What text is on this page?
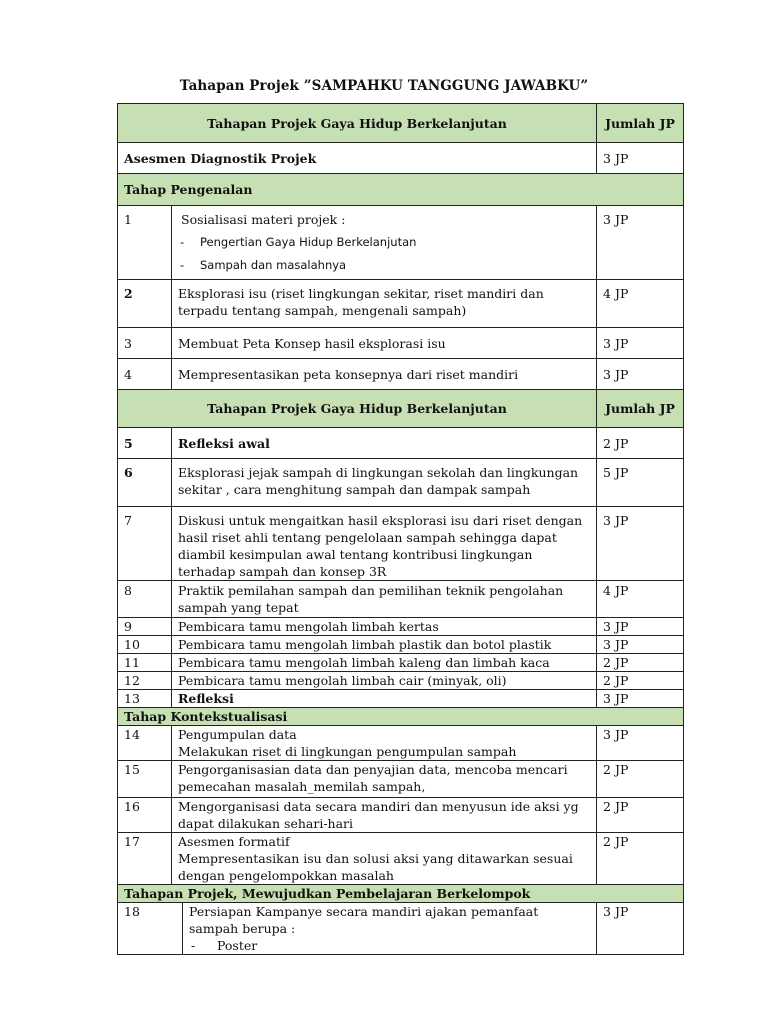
Tahapan Projek ”SAMPAHKU TANGGUNG JAWABKU”
Tahapan Projek Gaya Hidup Berkelanjutan			Jumlah JP
Asesmen Diagnostik Projek			3 JP
Tahap Pengenalan			
1	Sosialisasi materi projek :
- Pengertian Gaya Hidup Berkelanjutan
- Sampah dan masalahnya		3 JP
2	Eksplorasi isu (riset lingkungan sekitar, riset mandiri dan terpadu tentang sampah, mengenali sampah)		4 JP
3	Membuat Peta Konsep hasil eksplorasi isu		3 JP
4	Mempresentasikan peta konsepnya dari riset mandiri		3 JP
Tahapan Projek Gaya Hidup Berkelanjutan			Jumlah JP
5	Refleksi awal		2 JP
6	Eksplorasi jejak sampah di lingkungan sekolah dan lingkungan sekitar , cara menghitung sampah dan dampak sampah		5 JP
7	Diskusi untuk mengaitkan hasil eksplorasi isu dari riset dengan hasil riset ahli tentang pengelolaan sampah sehingga dapat diambil kesimpulan awal tentang kontribusi lingkungan terhadap sampah dan konsep 3R		3 JP
8	Praktik pemilahan sampah dan pemilihan teknik pengolahan sampah yang tepat		4 JP
9	Pembicara tamu mengolah limbah kertas		3 JP
10	Pembicara tamu mengolah limbah plastik dan botol plastik		3 JP
11	Pembicara tamu mengolah limbah kaleng dan limbah kaca		2 JP
12	Pembicara tamu mengolah limbah cair (minyak, oli)		2 JP
13	Refleksi		3 JP
Tahap Kontekstualisasi			
14	Pengumpulan data
Melakukan riset di lingkungan pengumpulan sampah		3 JP
15	Pengorganisasian data dan penyajian data, mencoba mencari pemecahan masalah_memilah sampah,		2 JP
16	Mengorganisasi data secara mandiri dan menyusun ide aksi yg dapat dilakukan sehari-hari		2 JP
17	Asesmen formatif
Mempresentasikan isu dan solusi aksi yang ditawarkan sesuai dengan pengelompokkan masalah		2 JP
Tahapan Projek, Mewujudkan Pembelajaran Berkelompok			
18		Persiapan Kampanye secara mandiri ajakan pemanfaat sampah berupa :
- Poster	3 JP
